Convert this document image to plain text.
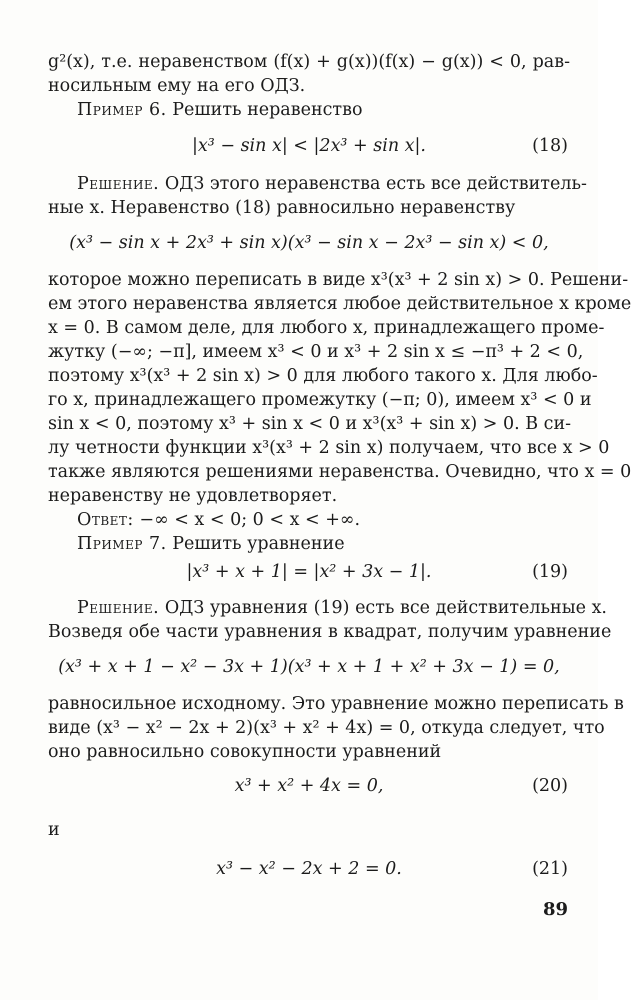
g²(x), т.е. неравенством (f(x) + g(x))(f(x) − g(x)) < 0, рав-
носильным ему на его ОДЗ.
Пример 6. Решить неравенство
|x³ − sin x| < |2x³ + sin x|.	(18)
Решение. ОДЗ этого неравенства есть все действитель-
ные x. Неравенство (18) равносильно неравенству
(x³ − sin x + 2x³ + sin x)(x³ − sin x − 2x³ − sin x) < 0,
которое можно переписать в виде x³(x³ + 2 sin x) > 0. Решени-
ем этого неравенства является любое действительное x кроме
x = 0. В самом деле, для любого x, принадлежащего проме-
жутку (−∞; −π], имеем x³ < 0 и x³ + 2 sin x ≤ −π³ + 2 < 0,
поэтому x³(x³ + 2 sin x) > 0 для любого такого x. Для любо-
го x, принадлежащего промежутку (−π; 0), имеем x³ < 0 и
sin x < 0, поэтому x³ + sin x < 0 и x³(x³ + sin x) > 0. В си-
лу четности функции x³(x³ + 2 sin x) получаем, что все x > 0
также являются решениями неравенства. Очевидно, что x = 0
неравенству не удовлетворяет.
Ответ: −∞ < x < 0; 0 < x < +∞.
Пример 7. Решить уравнение
|x³ + x + 1| = |x² + 3x − 1|.	(19)
Решение. ОДЗ уравнения (19) есть все действительные x.
Возведя обе части уравнения в квадрат, получим уравнение
(x³ + x + 1 − x² − 3x + 1)(x³ + x + 1 + x² + 3x − 1) = 0,
равносильное исходному. Это уравнение можно переписать в
виде (x³ − x² − 2x + 2)(x³ + x² + 4x) = 0, откуда следует, что
оно равносильно совокупности уравнений
x³ + x² + 4x = 0,	(20)
и
x³ − x² − 2x + 2 = 0.	(21)
89
